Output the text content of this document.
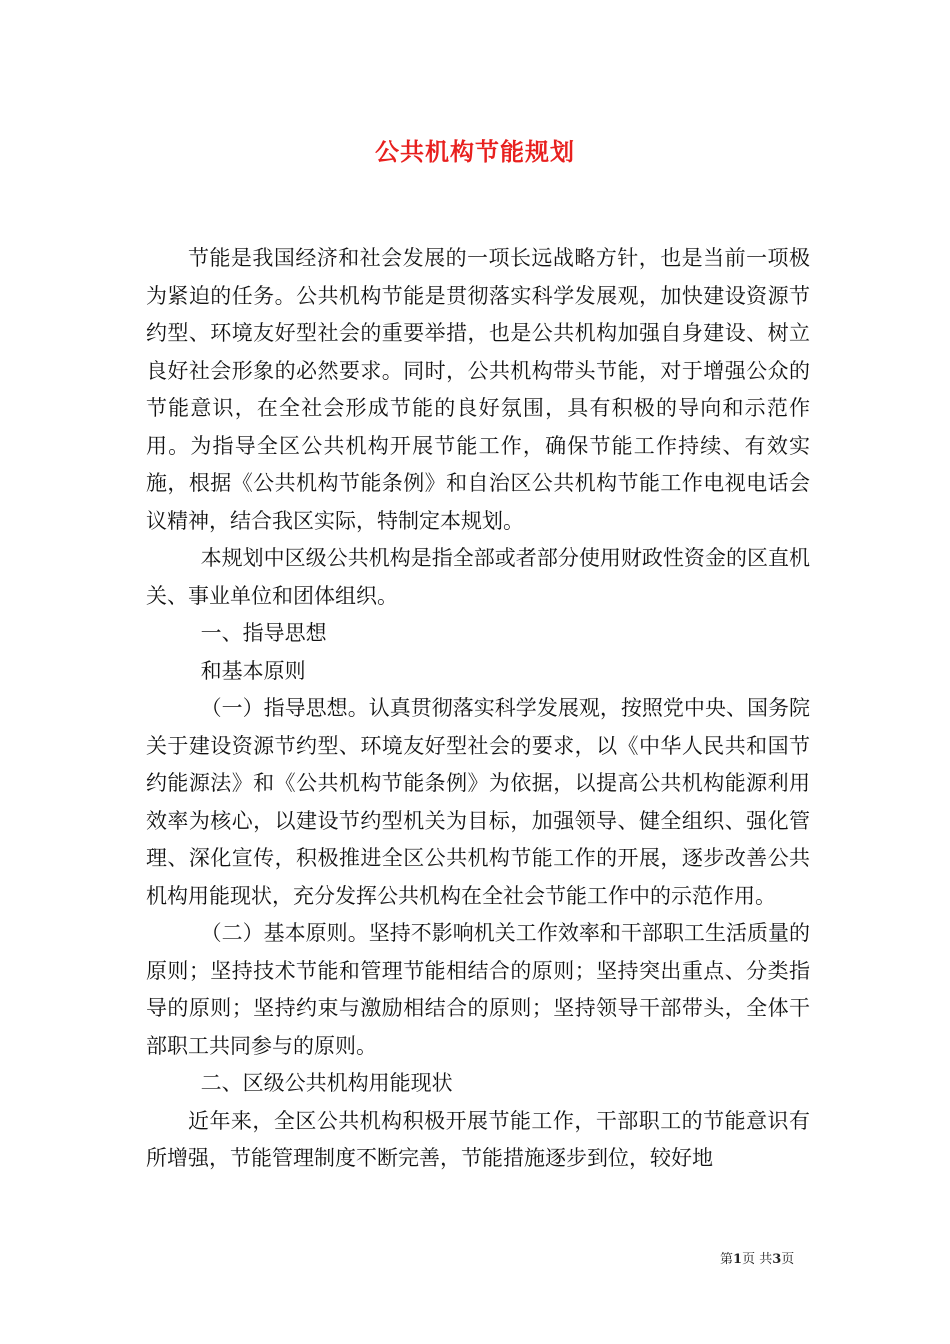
公共机构节能规划

节能是我国经济和社会发展的一项长远战略方针，也是当前一项极为紧迫的任务。公共机构节能是贯彻落实科学发展观，加快建设资源节约型、环境友好型社会的重要举措，也是公共机构加强自身建设、树立良好社会形象的必然要求。同时，公共机构带头节能，对于增强公众的节能意识，在全社会形成节能的良好氛围，具有积极的导向和示范作用。为指导全区公共机构开展节能工作，确保节能工作持续、有效实施，根据《公共机构节能条例》和自治区公共机构节能工作电视电话会议精神，结合我区实际，特制定本规划。

本规划中区级公共机构是指全部或者部分使用财政性资金的区直机关、事业单位和团体组织。

一、指导思想

和基本原则

（一）指导思想。认真贯彻落实科学发展观，按照党中央、国务院关于建设资源节约型、环境友好型社会的要求，以《中华人民共和国节约能源法》和《公共机构节能条例》为依据，以提高公共机构能源利用效率为核心，以建设节约型机关为目标，加强领导、健全组织、强化管理、深化宣传，积极推进全区公共机构节能工作的开展，逐步改善公共机构用能现状，充分发挥公共机构在全社会节能工作中的示范作用。

（二）基本原则。坚持不影响机关工作效率和干部职工生活质量的原则；坚持技术节能和管理节能相结合的原则；坚持突出重点、分类指导的原则；坚持约束与激励相结合的原则；坚持领导干部带头，全体干部职工共同参与的原则。

二、区级公共机构用能现状

近年来，全区公共机构积极开展节能工作，干部职工的节能意识有所增强，节能管理制度不断完善，节能措施逐步到位，较好地

第1页 共3页
